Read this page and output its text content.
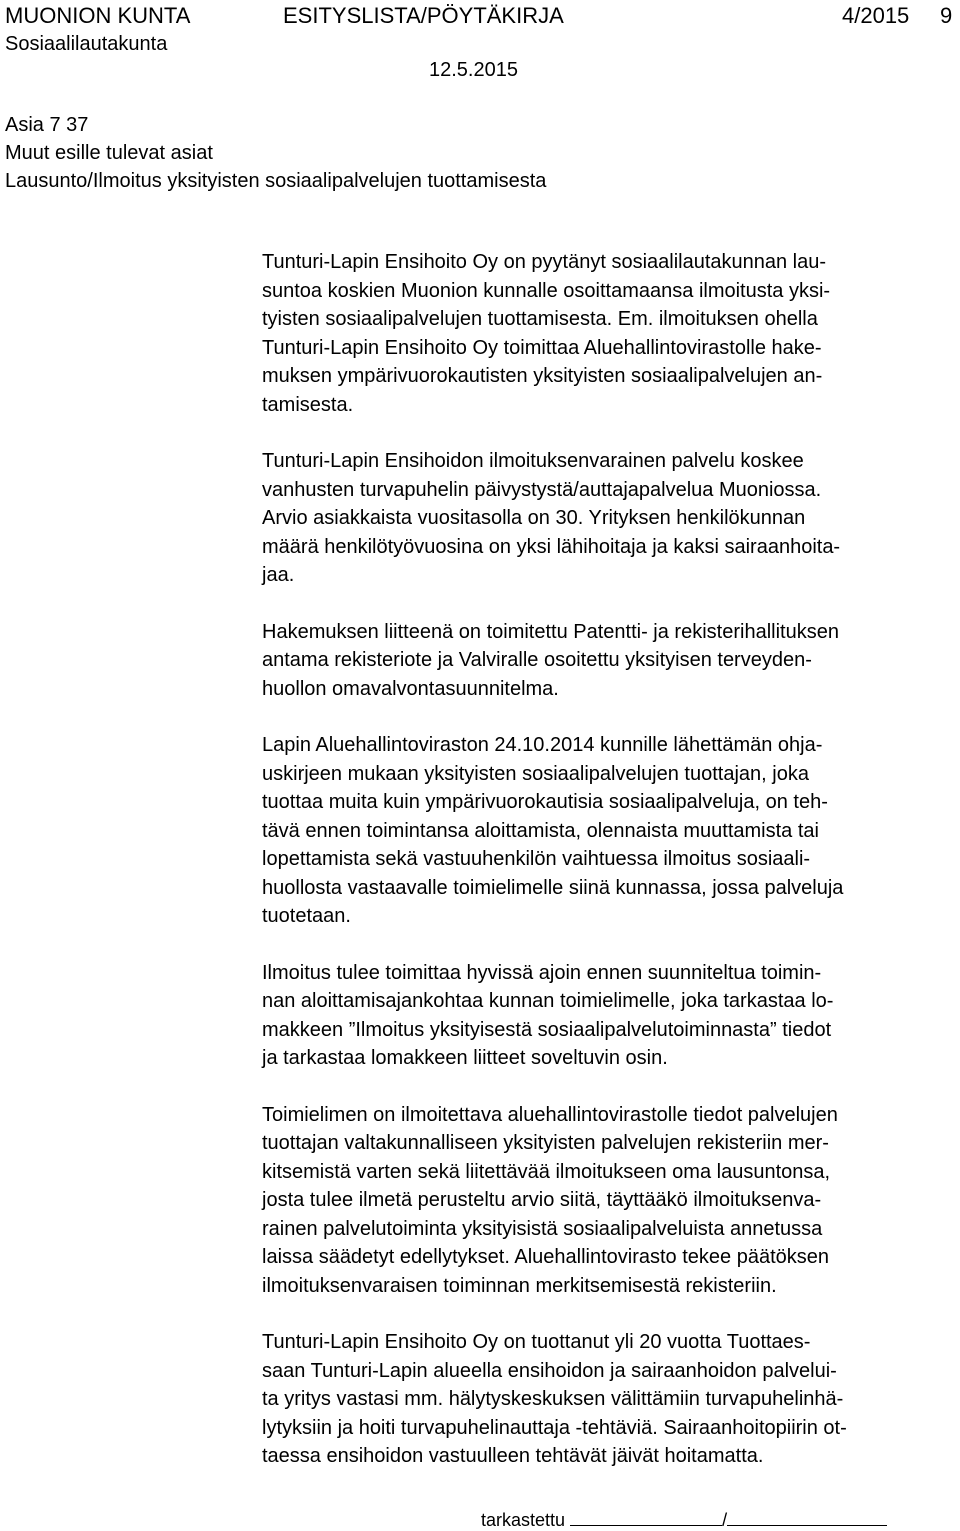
MUONION KUNTA	ESITYSLISTA/PÖYTÄKIRJA	4/2015 9
Sosiaalilautakunta
12.5.2015
Asia 7 37
Muut esille tulevat asiat
Lausunto/Ilmoitus yksityisten sosiaalipalvelujen tuottamisesta
Tunturi-Lapin Ensihoito Oy on pyytänyt sosiaalilautakunnan lau-
suntoa koskien Muonion kunnalle osoittamaansa ilmoitusta yksi-
tyisten sosiaalipalvelujen tuottamisesta. Em. ilmoituksen ohella
Tunturi-Lapin Ensihoito Oy toimittaa Aluehallintovirastolle hake-
muksen ympärivuorokautisten yksityisten sosiaalipalvelujen an-
tamisesta.
Tunturi-Lapin Ensihoidon ilmoituksenvarainen palvelu koskee
vanhusten turvapuhelin päivystystä/auttajapalvelua Muoniossa.
Arvio asiakkaista vuositasolla on 30. Yrityksen henkilökunnan
määrä henkilötyövuosina on yksi lähihoitaja ja kaksi sairaanhoita-
jaa.
Hakemuksen liitteenä on toimitettu Patentti- ja rekisterihallituksen
antama rekisteriote ja Valviralle osoitettu yksityisen terveyden-
huollon omavalvontasuunnitelma.
Lapin Aluehallintoviraston 24.10.2014 kunnille lähettämän ohja-
uskirjeen mukaan yksityisten sosiaalipalvelujen tuottajan, joka
tuottaa muita kuin ympärivuorokautisia sosiaalipalveluja, on teh-
tävä ennen toimintansa aloittamista, olennaista muuttamista tai
lopettamista sekä vastuuhenkilön vaihtuessa ilmoitus sosiaali-
huollosta vastaavalle toimielimelle siinä kunnassa, jossa palveluja
tuotetaan.
Ilmoitus tulee toimittaa hyvissä ajoin ennen suunniteltua toimin-
nan aloittamisajankohtaa kunnan toimielimelle, joka tarkastaa lo-
makkeen ”Ilmoitus yksityisestä sosiaalipalvelutoiminnasta” tiedot
ja tarkastaa lomakkeen liitteet soveltuvin osin.
Toimielimen on ilmoitettava aluehallintovirastolle tiedot palvelujen
tuottajan valtakunnalliseen yksityisten palvelujen rekisteriin mer-
kitsemistä varten sekä liitettävää ilmoitukseen oma lausuntonsa,
josta tulee ilmetä perusteltu arvio siitä, täyttääkö ilmoituksenva-
rainen palvelutoiminta yksityisistä sosiaalipalveluista annetussa
laissa säädetyt edellytykset. Aluehallintovirasto tekee päätöksen
ilmoituksenvaraisen toiminnan merkitsemisestä rekisteriin.
Tunturi-Lapin Ensihoito Oy on tuottanut yli 20 vuotta Tuottaes-
saan Tunturi-Lapin alueella ensihoidon ja sairaanhoidon palvelui-
ta yritys vastasi mm. hälytyskeskuksen välittämiin turvapuhelinhä-
lytyksiin ja hoiti turvapuhelinauttaja -tehtäviä. Sairaanhoitopiirin ot-
taessa ensihoidon vastuulleen tehtävät jäivät hoitamatta.
tarkastettu	/
